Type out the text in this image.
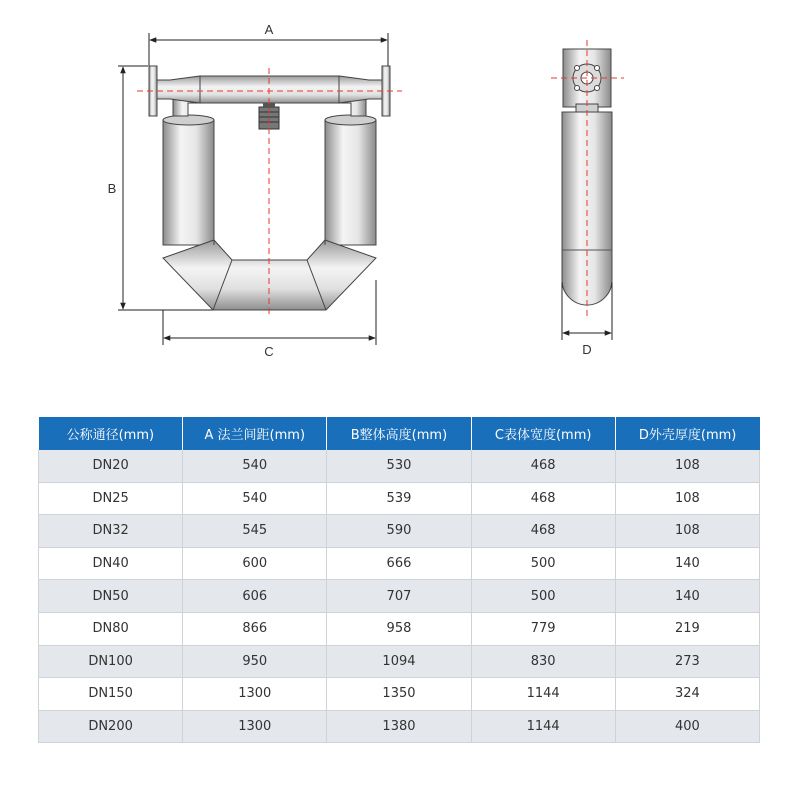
A
B
C	D
公称通径(mm)	A 法兰间距(mm)	B整体高度(mm)	C表体宽度(mm)	D外壳厚度(mm)
DN20	540	530	468	108
DN25	540	539	468	108
DN32	545	590	468	108
DN40	600	666	500	140
DN50	606	707	500	140
DN80	866	958	779	219
DN100	950	1094	830	273
DN150	1300	1350	1144	324
DN200	1300	1380	1144	400
